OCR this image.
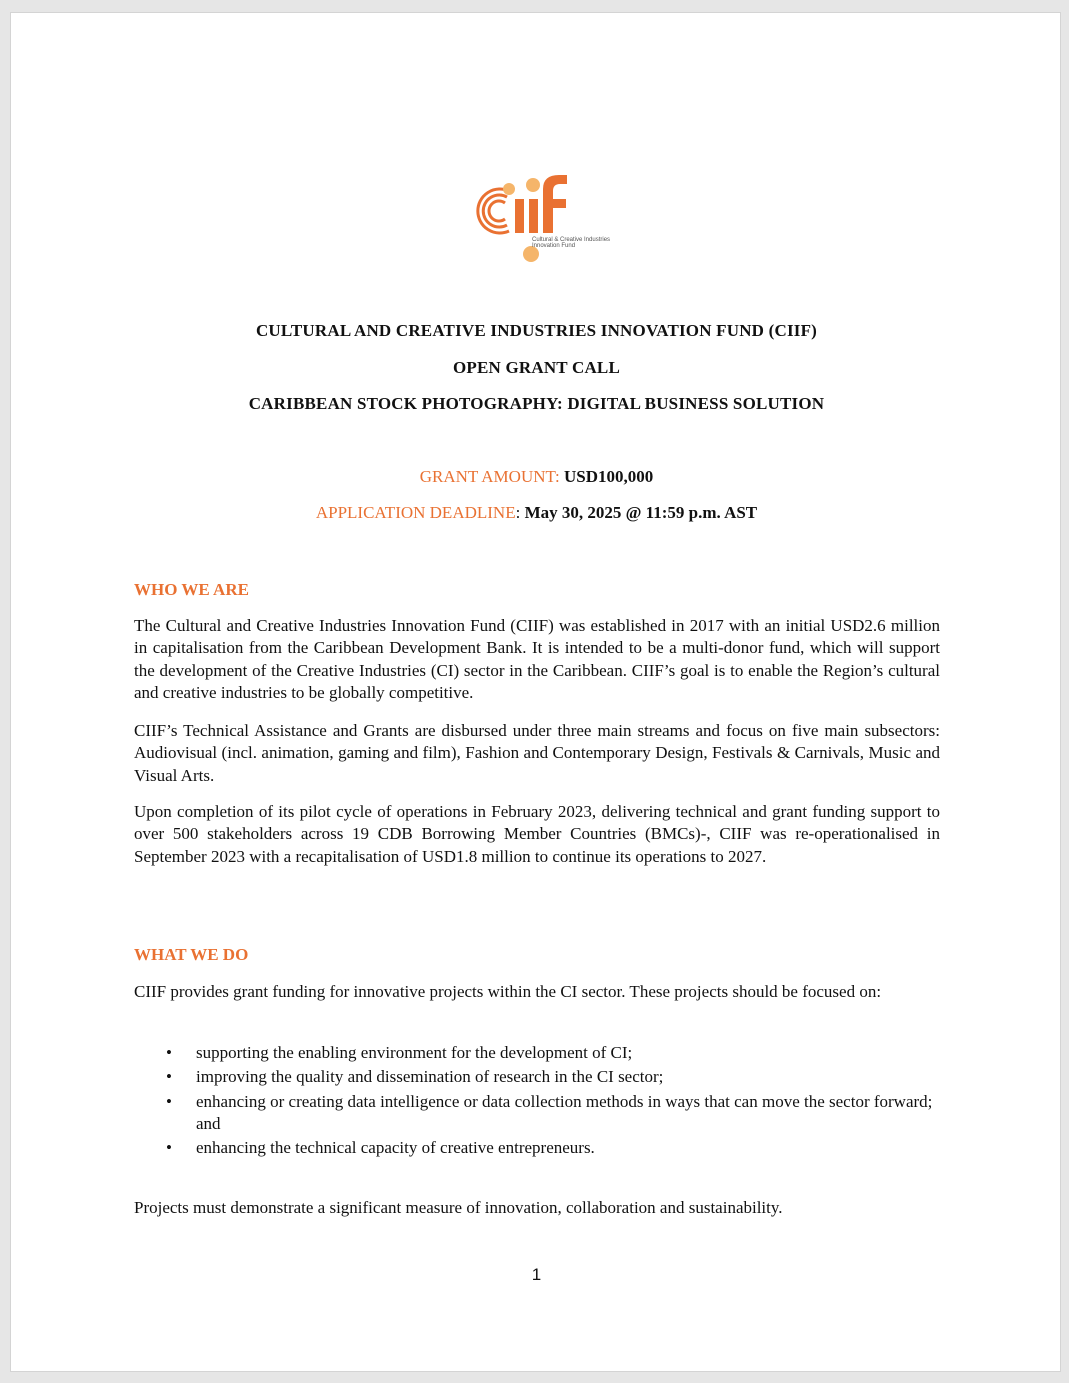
Cultural & Creative Industries Innovation Fund
CULTURAL AND CREATIVE INDUSTRIES INNOVATION FUND (CIIF)
OPEN GRANT CALL
CARIBBEAN STOCK PHOTOGRAPHY: DIGITAL BUSINESS SOLUTION
GRANT AMOUNT: USD100,000
APPLICATION DEADLINE: May 30, 2025 @ 11:59 p.m. AST
WHO WE ARE
The Cultural and Creative Industries Innovation Fund (CIIF) was established in 2017 with an initial USD2.6 million in capitalisation from the Caribbean Development Bank. It is intended to be a multi-donor fund, which will support the development of the Creative Industries (CI) sector in the Caribbean. CIIF’s goal is to enable the Region’s cultural and creative industries to be globally competitive.
CIIF’s Technical Assistance and Grants are disbursed under three main streams and focus on five main subsectors: Audiovisual (incl. animation, gaming and film), Fashion and Contemporary Design, Festivals & Carnivals, Music and Visual Arts.
Upon completion of its pilot cycle of operations in February 2023, delivering technical and grant funding support to over 500 stakeholders across 19 CDB Borrowing Member Countries (BMCs)-, CIIF was re-operationalised in September 2023 with a recapitalisation of USD1.8 million to continue its operations to 2027.
WHAT WE DO
CIIF provides grant funding for innovative projects within the CI sector. These projects should be focused on:
• supporting the enabling environment for the development of CI;
• improving the quality and dissemination of research in the CI sector;
• enhancing or creating data intelligence or data collection methods in ways that can move the sector forward; and
• enhancing the technical capacity of creative entrepreneurs.
Projects must demonstrate a significant measure of innovation, collaboration and sustainability.
1
